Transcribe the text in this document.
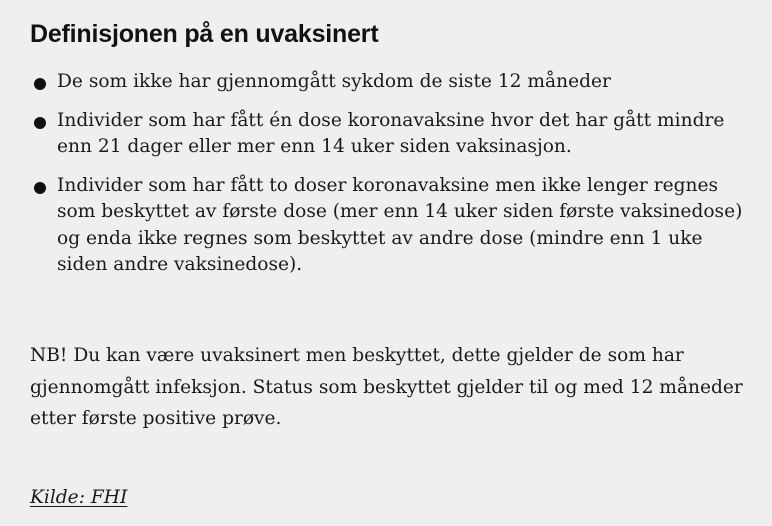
Definisjonen på en uvaksinert
De som ikke har gjennomgått sykdom de siste 12 måneder
Individer som har fått én dose koronavaksine hvor det har gått mindre enn 21 dager eller mer enn 14 uker siden vaksinasjon.
Individer som har fått to doser koronavaksine men ikke lenger regnes som beskyttet av første dose (mer enn 14 uker siden første vaksinedose) og enda ikke regnes som beskyttet av andre dose (mindre enn 1 uke siden andre vaksinedose).

NB! Du kan være uvaksinert men beskyttet, dette gjelder de som har gjennomgått infeksjon. Status som beskyttet gjelder til og med 12 måneder etter første positive prøve.

Kilde: FHI
